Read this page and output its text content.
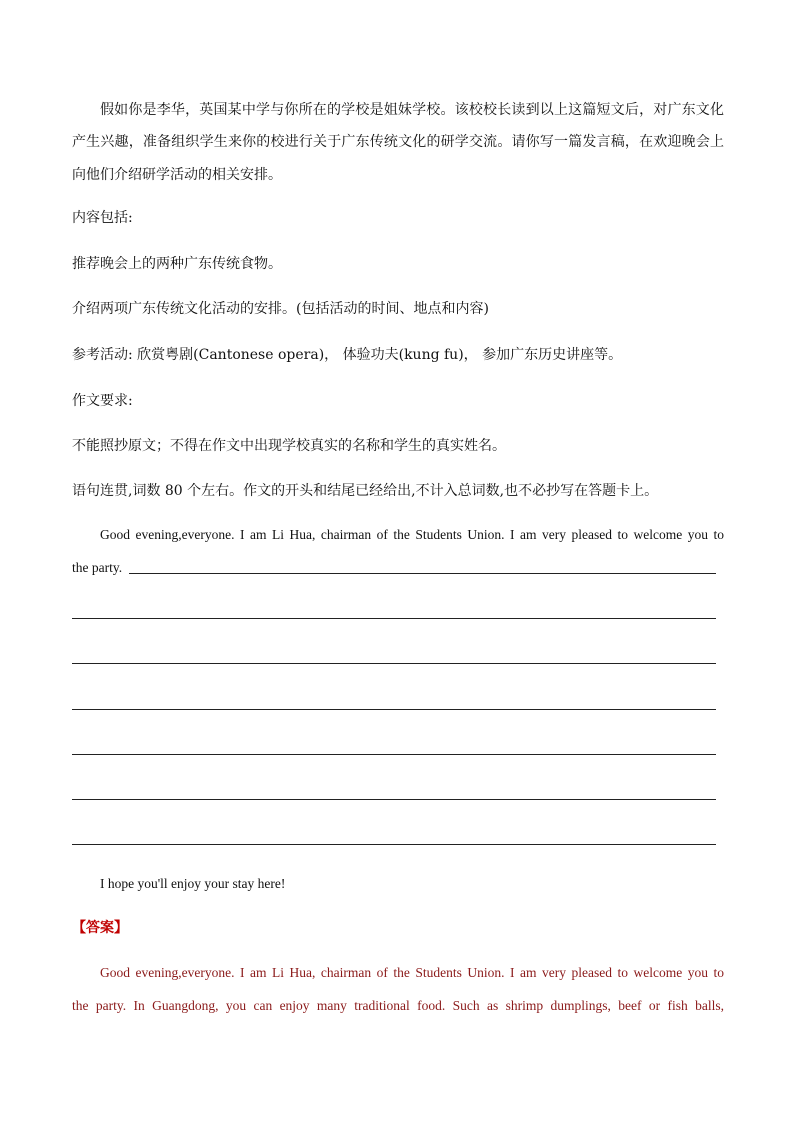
假如你是李华，英国某中学与你所在的学校是姐妹学校。该校校长读到以上这篇短文后，对广东文化
产生兴趣，准备组织学生来你的校进行关于广东传统文化的研学交流。请你写一篇发言稿，在欢迎晚会上
向他们介绍研学活动的相关安排。
内容包括:
推荐晚会上的两种广东传统食物。
介绍两项广东传统文化活动的安排。(包括活动的时间、地点和内容)
参考活动: 欣赏粤剧(Cantonese opera)， 体验功夫(kung fu)， 参加广东历史讲座等。
作文要求:
不能照抄原文；不得在作文中出现学校真实的名称和学生的真实姓名。
语句连贯,词数 80 个左右。作文的开头和结尾已经给出,不计入总词数,也不必抄写在答题卡上。
Good evening,everyone. I am Li Hua, chairman of the Students Union. I am very pleased to welcome you to
the party.
I hope you'll enjoy your stay here!
【答案】
Good evening,everyone. I am Li Hua, chairman of the Students Union. I am very pleased to welcome you to
the party. In Guangdong, you can enjoy many traditional food. Such as shrimp dumplings, beef or fish balls,
